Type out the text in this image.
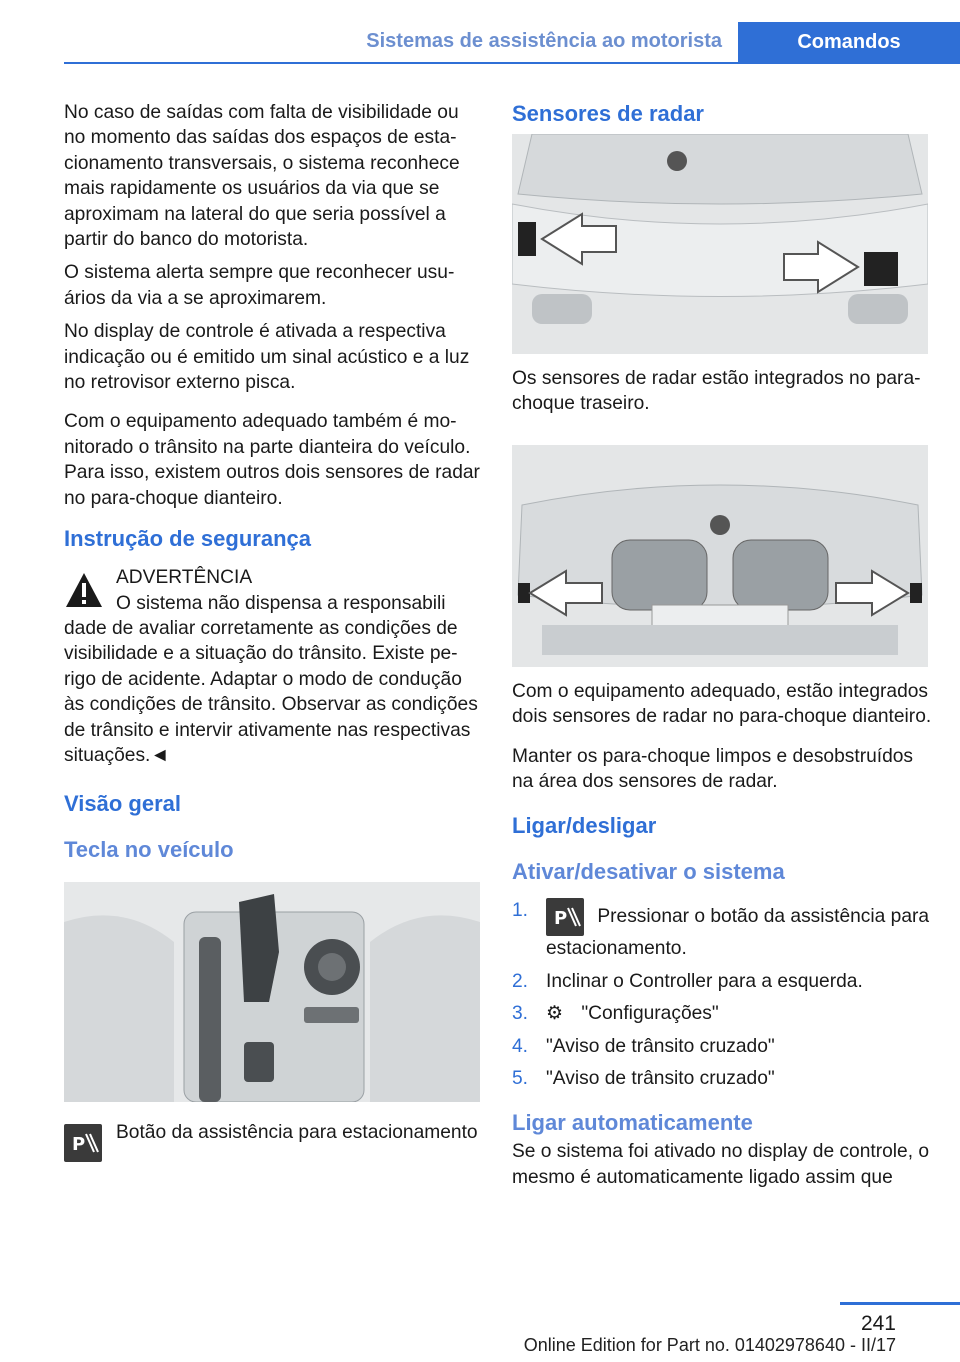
Sistemas de assistência ao motorista	Comandos

No caso de saídas com falta de visibilidade ou no momento das saídas dos espaços de estacionamento transversais, o sistema reconhece mais rapidamente os usuários da via que se aproximam na lateral do que seria possível a partir do banco do motorista.

O sistema alerta sempre que reconhecer usuários da via a se aproximarem.

No display de controle é ativada a respectiva indicação ou é emitido um sinal acústico e a luz no retrovisor externo pisca.

Com o equipamento adequado também é monitorado o trânsito na parte dianteira do veículo. Para isso, existem outros dois sensores de radar no para-choque dianteiro.

Instrução de segurança
ADVERTÊNCIA
O sistema não dispensa a responsabili

dade de avaliar corretamente as condições de visibilidade e a situação do trânsito. Existe perigo de acidente. Adaptar o modo de condução às condições de trânsito. Observar as condições de trânsito e intervir ativamente nas respectivas situações.◄

Visão geral
Tecla no veículo
P
Botão da assistência para estacionamento
Sensores de radar

Os sensores de radar estão integrados no para-choque traseiro.

Com o equipamento adequado, estão integrados dois sensores de radar no para-choque dianteiro.

Manter os para-choque limpos e desobstruídos na área dos sensores de radar.

Ligar/desligar
Ativar/desativar o sistema
1. P Pressionar o botão da assistência para estacionamento.
2. Inclinar o Controller para a esquerda.
3. ⚙ "Configurações"
4. "Aviso de trânsito cruzado"
5. "Aviso de trânsito cruzado"
Ligar automaticamente

Se o sistema foi ativado no display de controle, o mesmo é automaticamente ligado assim que

241
Online Edition for Part no. 01402978640 - II/17
